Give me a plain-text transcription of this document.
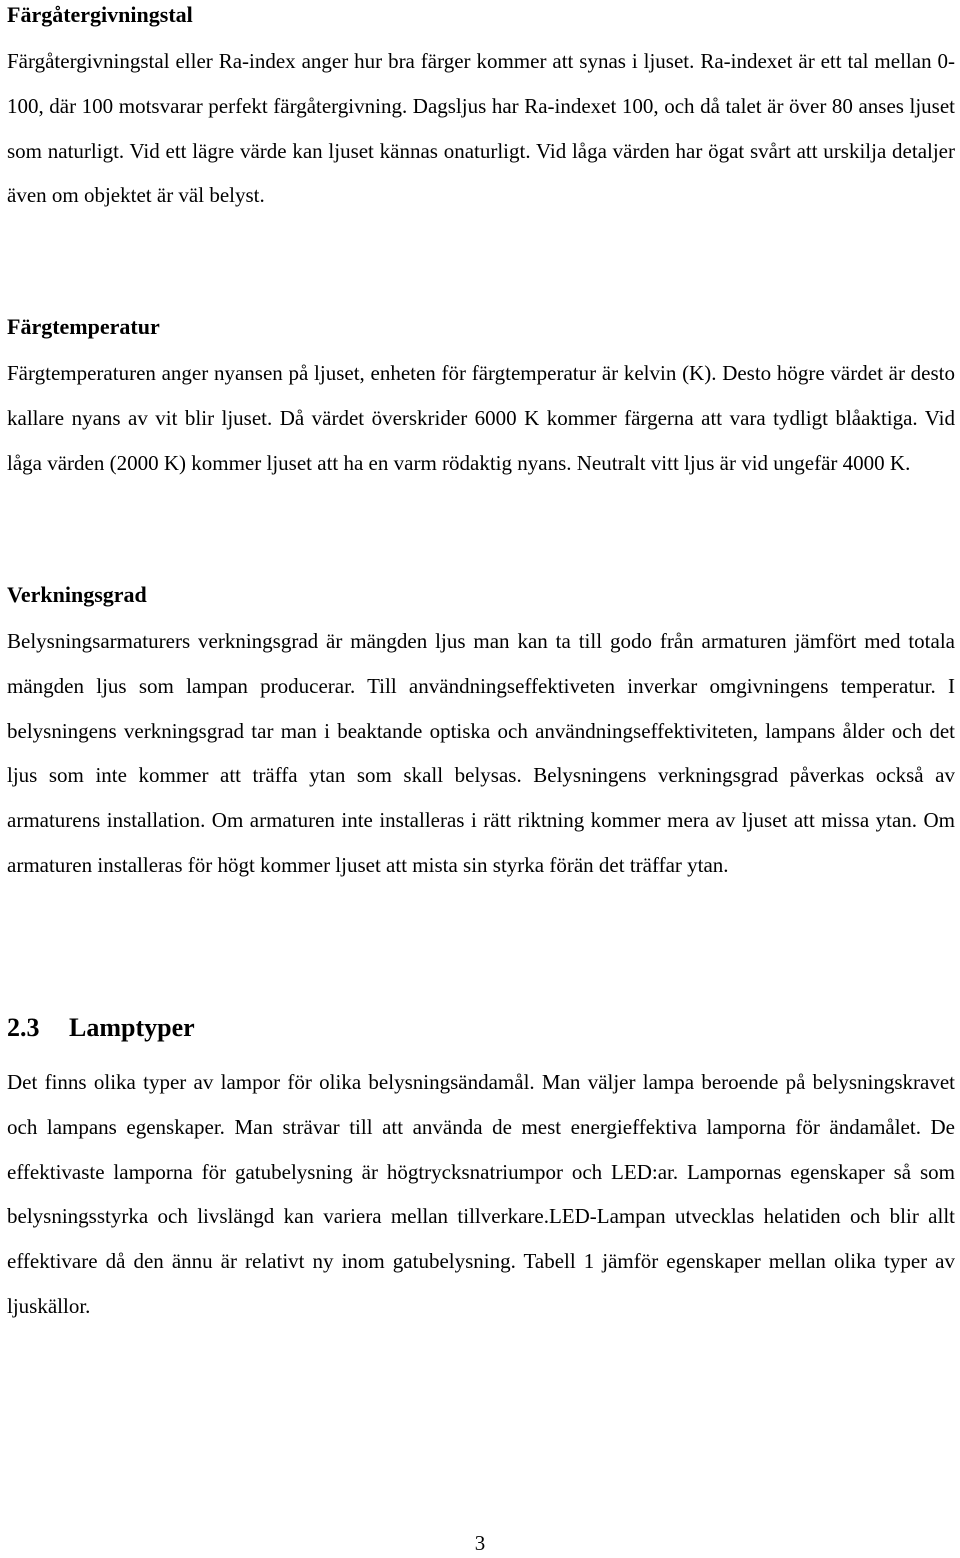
Färgåtergivningstal

Färgåtergivningstal eller Ra-index anger hur bra färger kommer att synas i ljuset. Ra-indexet är ett tal mellan 0-100, där 100 motsvarar perfekt färgåtergivning. Dagsljus har Ra-indexet 100, och då talet är över 80 anses ljuset som naturligt. Vid ett lägre värde kan ljuset kännas onaturligt. Vid låga värden har ögat svårt att urskilja detaljer även om objektet är väl belyst.

Färgtemperatur

Färgtemperaturen anger nyansen på ljuset, enheten för färgtemperatur är kelvin (K). Desto högre värdet är desto kallare nyans av vit blir ljuset. Då värdet överskrider 6000 K kommer färgerna att vara tydligt blåaktiga. Vid låga värden (2000 K) kommer ljuset att ha en varm rödaktig nyans. Neutralt vitt ljus är vid ungefär 4000 K.

Verkningsgrad

Belysningsarmaturers verkningsgrad är mängden ljus man kan ta till godo från armaturen jämfört med totala mängden ljus som lampan producerar. Till användningseffektiveten inverkar omgivningens temperatur. I belysningens verkningsgrad tar man i beaktande optiska och användningseffektiviteten, lampans ålder och det ljus som inte kommer att träffa ytan som skall belysas. Belysningens verkningsgrad påverkas också av armaturens installation. Om armaturen inte installeras i rätt riktning kommer mera av ljuset att missa ytan. Om armaturen installeras för högt kommer ljuset att mista sin styrka förän det träffar ytan.

2.3 Lamptyper

Det finns olika typer av lampor för olika belysningsändamål. Man väljer lampa beroende på belysningskravet och lampans egenskaper. Man strävar till att använda de mest energieffektiva lamporna för ändamålet. De effektivaste lamporna för gatubelysning är högtrycksnatriumpor och LED:ar. Lampornas egenskaper så som belysningsstyrka och livslängd kan variera mellan tillverkare.LED-Lampan utvecklas helatiden och blir allt effektivare då den ännu är relativt ny inom gatubelysning. Tabell 1 jämför egenskaper mellan olika typer av ljuskällor.

3
